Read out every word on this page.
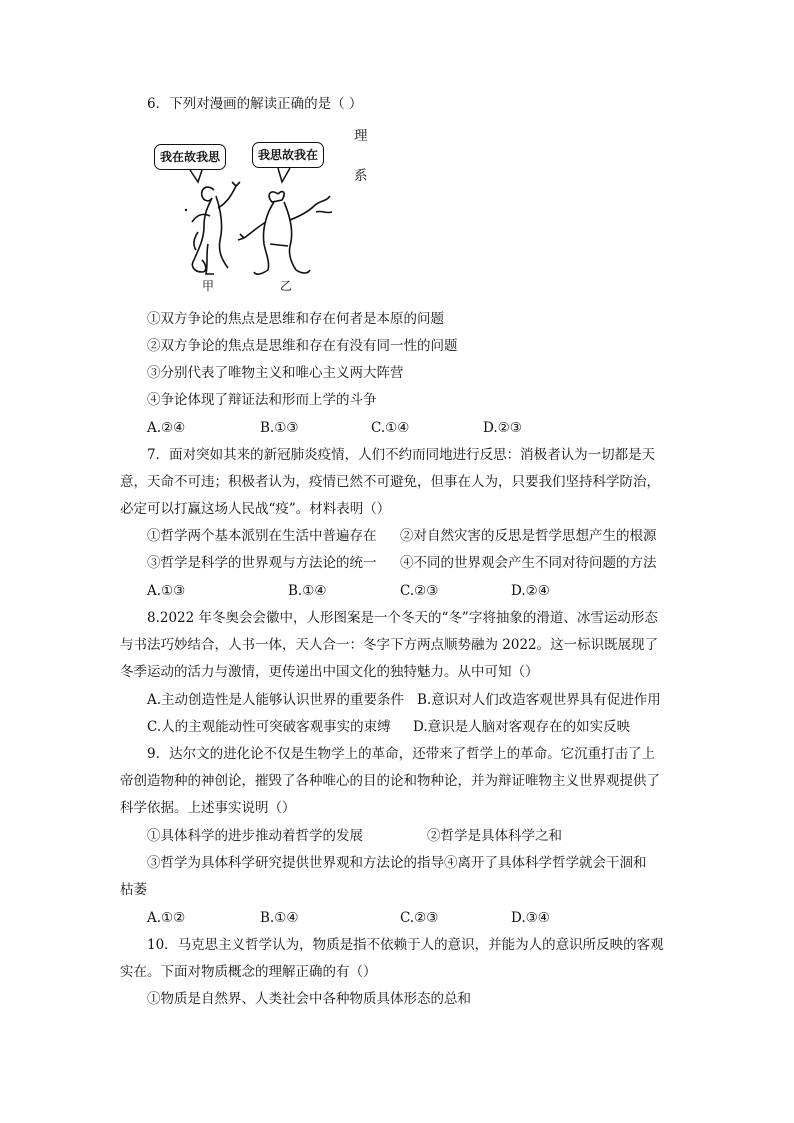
6．下列对漫画的解读正确的是（ ）
理
系
我在故我思	我思故我在
甲	乙
①双方争论的焦点是思维和存在何者是本原的问题
②双方争论的焦点是思维和存在有没有同一性的问题
③分别代表了唯物主义和唯心主义两大阵营
④争论体现了辩证法和形而上学的斗争
A.②④	B.①③	C.①④	D.②③
7．面对突如其来的新冠肺炎疫情，人们不约而同地进行反思：消极者认为一切都是天
意，天命不可违；积极者认为，疫情已然不可避免，但事在人为，只要我们坚持科学防治，
必定可以打赢这场人民战“疫”。材料表明（）
①哲学两个基本派别在生活中普遍存在 ②对自然灾害的反思是哲学思想产生的根源
③哲学是科学的世界观与方法论的统一 ④不同的世界观会产生不同对待问题的方法
A.①③	B.①④	C.②③	D.②④
8.2022 年冬奥会会徽中，人形图案是一个冬天的“冬”字将抽象的滑道、冰雪运动形态
与书法巧妙结合，人书一体，天人合一：冬字下方两点顺势融为 2022。这一标识既展现了
冬季运动的活力与激情，更传递出中国文化的独特魅力。从中可知（）
A.主动创造性是人能够认识世界的重要条件 B.意识对人们改造客观世界具有促进作用
C.人的主观能动性可突破客观事实的束缚 D.意识是人脑对客观存在的如实反映
9．达尔文的进化论不仅是生物学上的革命，还带来了哲学上的革命。它沉重打击了上
帝创造物种的神创论，摧毁了各种唯心的目的论和物种论，并为辩证唯物主义世界观提供了
科学依据。上述事实说明（）
①具体科学的进步推动着哲学的发展	②哲学是具体科学之和
③哲学为具体科学研究提供世界观和方法论的指导④离开了具体科学哲学就会干涸和
枯萎
A.①②	B.①④	C.②③	D.③④
10．马克思主义哲学认为，物质是指不依赖于人的意识，并能为人的意识所反映的客观
实在。下面对物质概念的理解正确的有（）
①物质是自然界、人类社会中各种物质具体形态的总和
